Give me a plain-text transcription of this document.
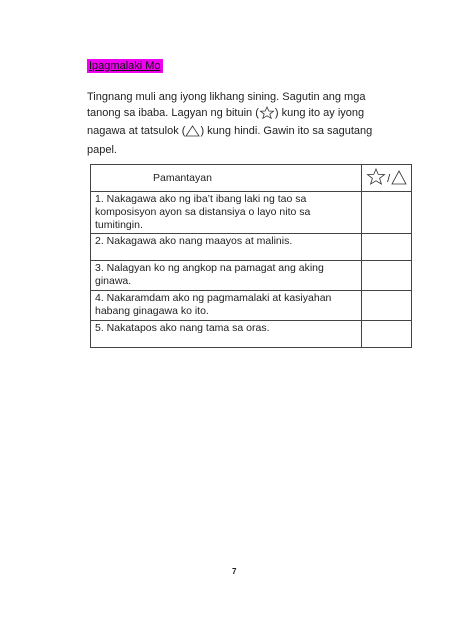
Ipagmalaki Mo
Tingnang muli ang iyong likhang sining. Sagutin ang mga tanong sa ibaba. Lagyan ng bituin ( ) kung ito ay iyong nagawa at tatsulok ( ) kung hindi. Gawin ito sa sagutang papel.
Pamantayan	/
1. Nakagawa ako ng iba’t ibang laki ng tao sa komposisyon ayon sa distansiya o layo nito sa tumitingin.	
2. Nakagawa ako nang maayos at malinis.	
3. Nalagyan ko ng angkop na pamagat ang aking ginawa.	
4. Nakaramdam ako ng pagmamalaki at kasiyahan habang ginagawa ko ito.	
5. Nakatapos ako nang tama sa oras.	
7
